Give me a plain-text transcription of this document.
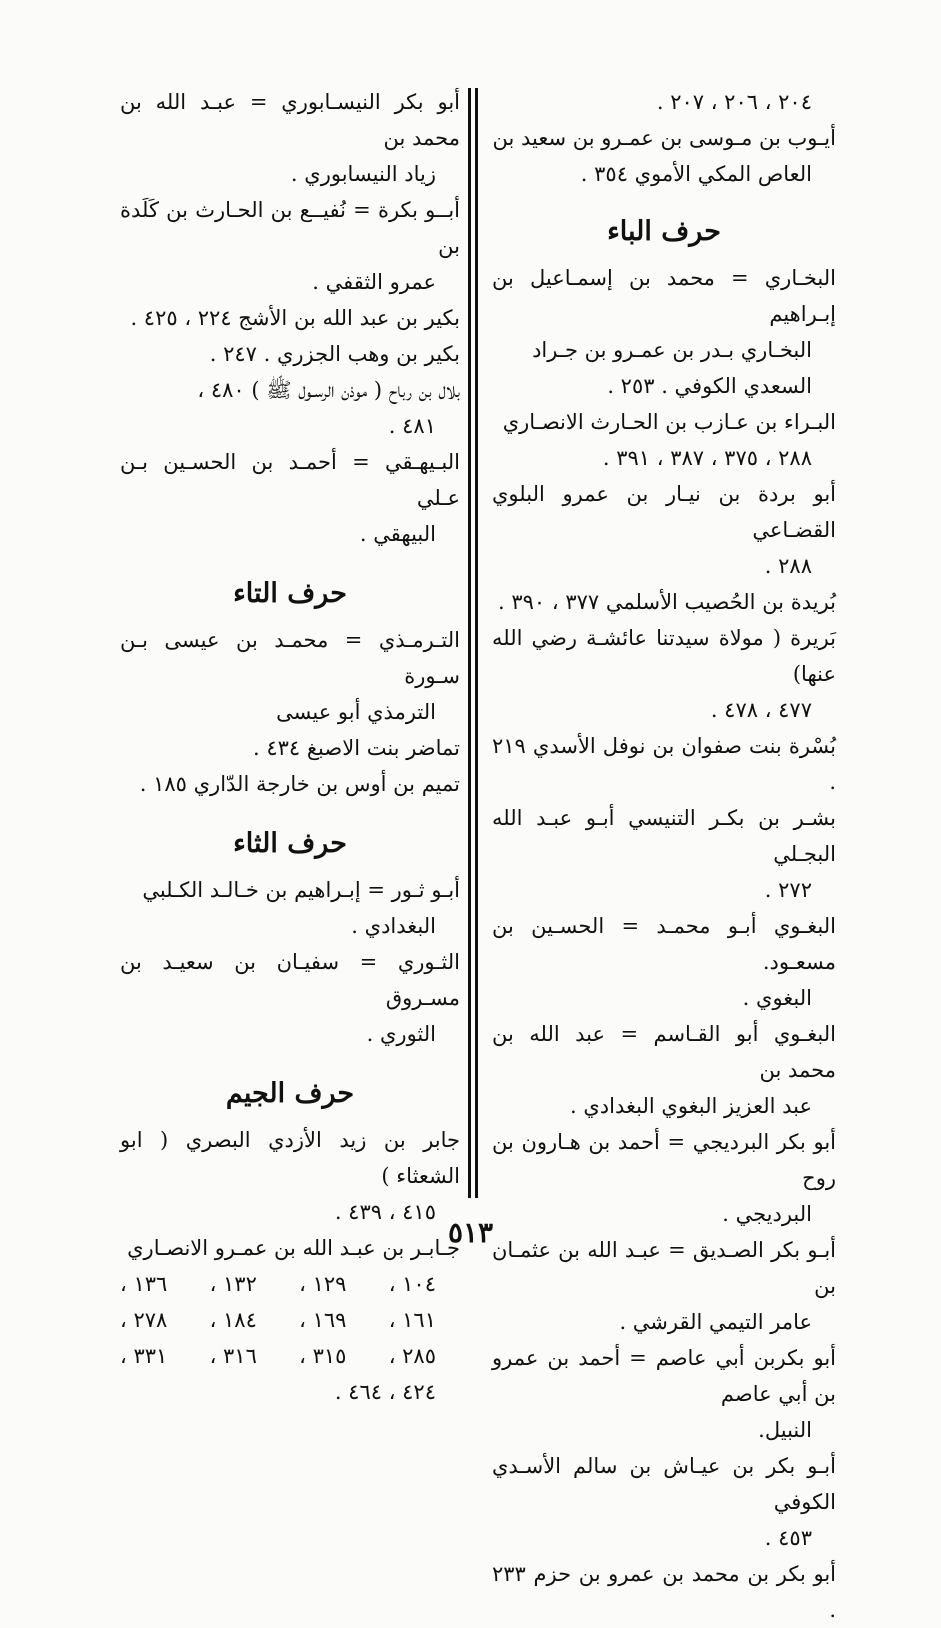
٢٠٤ ، ٢٠٦ ، ٢٠٧ .
أيـوب بن مـوسى بن عمـرو بن سعيد بن
العاص المكي الأموي ٣٥٤ .
حرف الباء
البخـاري = محمد بن إسمـاعيل بن إبـراهيم
البخـاري بـدر بن عمـرو بن جـراد
السعدي الكوفي . ٢٥٣ .
البـراء بن عـازب بن الحـارث الانصـاري
٢٨٨ ، ٣٧٥ ، ٣٨٧ ، ٣٩١ .
أبو بردة بن نيـار بن عمرو البلوي القضـاعي
٢٨٨ .
بُريدة بن الحُصيب الأسلمي ٣٧٧ ، ٣٩٠ .
بَريرة ( مولاة سيدتنا عائشـة رضي الله عنها)
٤٧٧ ، ٤٧٨ .
بُسْرة بنت صفوان بن نوفل الأسدي ٢١٩ .
بشـر بن بكـر التنيسي أبـو عبـد الله البجـلي
٢٧٢ .
البغـوي أبـو محمـد = الحسـين بن مسعـود.
البغوي .
البغـوي أبو القـاسم = عبد الله بن محمد بن
عبد العزيز البغوي البغدادي .
أبو بكر البرديجي = أحمد بن هـارون بن روح
البرديجي .
أبـو بكر الصـديق = عبـد الله بن عثمـان بن
عامر التيمي القرشي .
أبو بكربن أبي عاصم = أحمد بن عمرو بن أبي عاصم
النبيل.
أبـو بكر بن عيـاش بن سالم الأسـدي الكوفي
٤٥٣ .
أبو بكر بن محمد بن عمرو بن حزم ٢٣٣ .
أبو بكر النيسـابوري = عبـد الله بن محمد بن
زياد النيسابوري .
أبــو بكرة = نُفيــع بن الحـارث بن كَلَدة بن
عمرو الثقفي .
بكير بن عبد الله بن الأشج ٢٢٤ ، ٤٢٥ .
بكير بن وهب الجزري . ٢٤٧ .
بلال بن رباح ( موذن الرسـول ﷺ ) ٤٨٠ ،
٤٨١ .
البـيهـقي = أحمـد بن الحسـين بـن عـلي
البيهقي .
حرف التاء
التـرمـذي = محمـد بن عيسى بـن سـورة
الترمذي أبو عيسى
تماضر بنت الاصبغ ٤٣٤ .
تميم بن أوس بن خارجة الدّاري ١٨٥ .
حرف الثاء
أبـو ثـور = إبـراهيم بن خـالـد الكـلبي
البغدادي .
الثـوري = سفيـان بن سعيـد بن مسـروق
الثوري .
حرف الجيم
جابر بن زيد الأزدي البصري ( ابو الشعثاء )
٤١٥ ، ٤٣٩ .
جـابـر بن عبـد الله بن عمـرو الانصـاري
١٠٤ ،
١٢٩ ،
١٣٢ ،
١٣٦ ،
١٦١ ،
١٦٩ ،
١٨٤ ،
٢٧٨ ،
٢٨٥ ،
٣١٥ ،
٣١٦ ،
٣٣١ ،
٤٢٤ ، ٤٦٤ .
٥١٣
